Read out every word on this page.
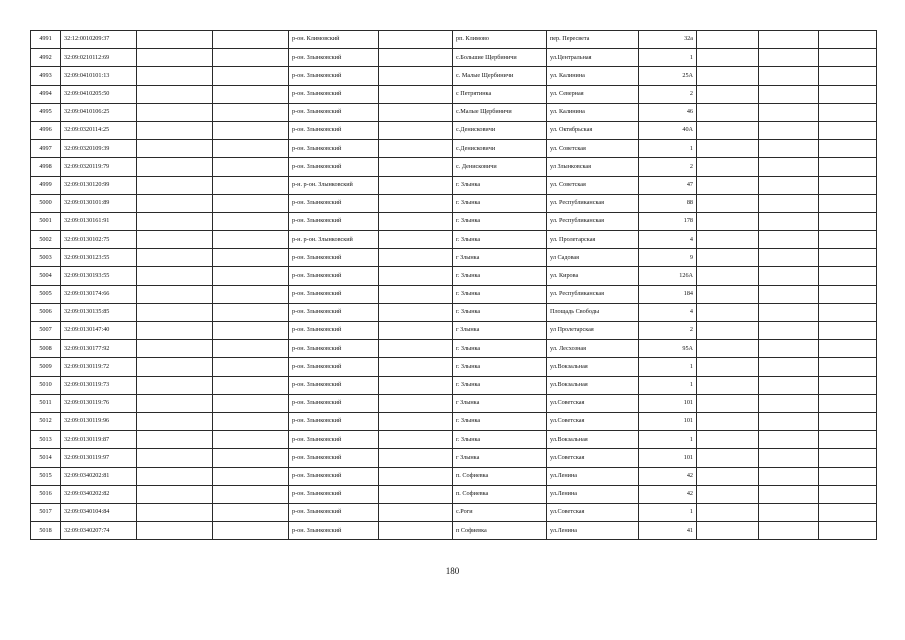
4991	32:12:0010209:37			р-он. Климовский		рп. Климово	пер. Пересвета	32а			
4992	32:09:0210112:69			р-он. Злынковский		с.Большие Щербиничи	ул.Центральная	1			
4993	32:09:0410101:13			р-он. Злынковский		с. Малые Щербиничи	ул. Калинина	25А			
4994	32:09:0410205:50			р-он. Злынковский		с Петрятинка	ул. Северная	2			
4995	32:09:0410106:25			р-он. Злынковский		с.Малые Щербиничи	ул. Калинина	46			
4996	32:09:0320114:25			р-он. Злынковский		с.Денисковичи	ул. Октябрьская	40А			
4997	32:09:0320109:39			р-он. Злынковский		с.Денисковичи	ул. Советская	1			
4998	32:09:0320119:79			р-он. Злынковский		с. Денисковичи	ул Злынковская	2			
4999	32:09:0130120:99			р-н. р-он. Злынковский		г. Злынка	ул. Советская	47			
5000	32:09:0130101:89			р-он. Злынковский		г. Злынка	ул. Республиканская	88			
5001	32:09:0130161:91			р-он. Злынковский		г. Злынка	ул. Республиканская	178			
5002	32:09:0130102:75			р-н. р-он. Злынковский		г. Злынка	ул. Пролетарская	4			
5003	32:09:0130123:55			р-он. Злынковский		г Злынка	ул Садовая	9			
5004	32:09:0130193:55			р-он. Злынковский		г. Злынка	ул. Кирова	126А			
5005	32:09:0130174:66			р-он. Злынковский		г. Злынка	ул. Республиканская	184			
5006	32:09:0130135:85			р-он. Злынковский		г. Злынка	Площадь Свободы	4			
5007	32:09:0130147:40			р-он. Злынковский		г Злынка	ул Пролетарская	2			
5008	32:09:0130177:92			р-он. Злынковский		г. Злынка	ул. Лесхозная	95А			
5009	32:09:0130119:72			р-он. Злынковский		г. Злынка	ул.Вокзальная	1			
5010	32:09:0130119:73			р-он. Злынковский		г. Злынка	ул.Вокзальная	1			
5011	32:09:0130119:76			р-он. Злынковский		г Злынка	ул.Советская	101			
5012	32:09:0130119:96			р-он. Злынковский		г. Злынка	ул.Советская	101			
5013	32:09:0130119:87			р-он. Злынковский		г. Злынка	ул.Вокзальная	1			
5014	32:09:0130119:97			р-он. Злынковский		г Злынка	ул.Советская	101			
5015	32:09:0340202:81			р-он. Злынковский		п. Софиевка	ул.Ленина	42			
5016	32:09:0340202:82			р-он. Злынковский		п. Софиевка	ул.Ленина	42			
5017	32:09:0340104:84			р-он. Злынковский		с.Роги	ул.Советская	1			
5018	32:09:0340207:74			р-он. Злынковский		п Софиевка	ул.Ленина	41			
180
